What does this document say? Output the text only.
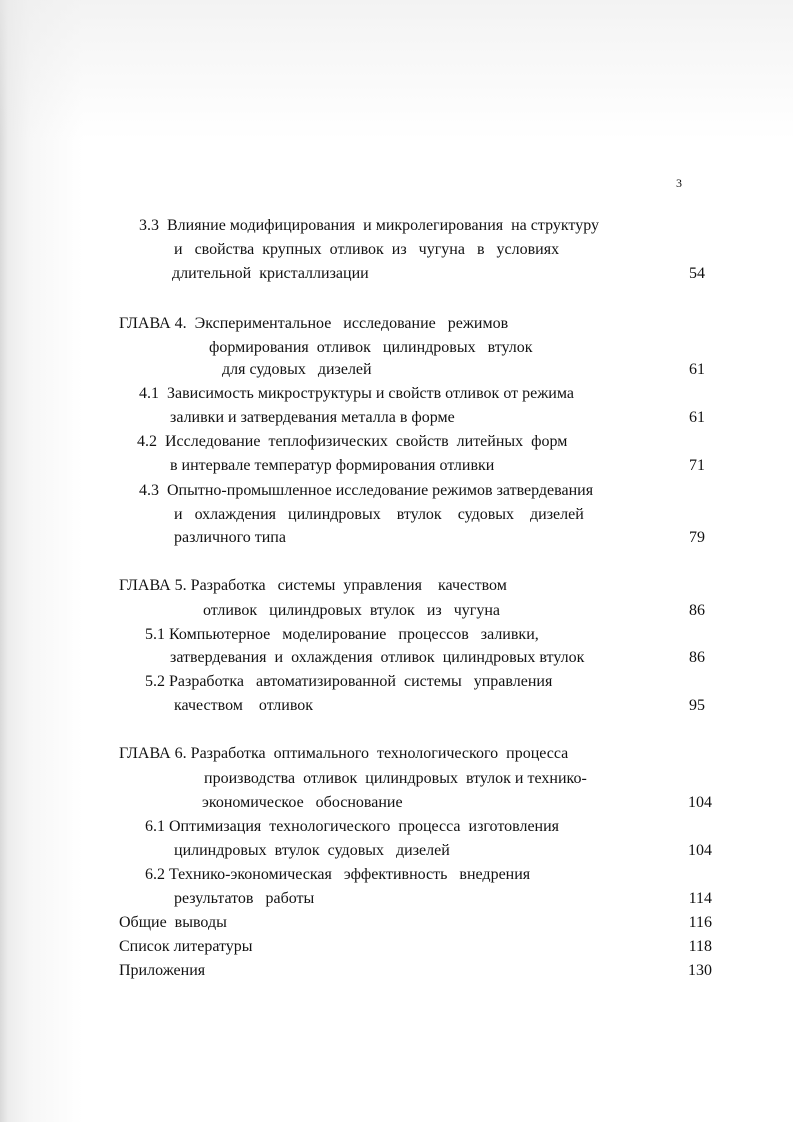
3
3.3  Влияние модифицирования  и микролегирования  на структуру
и   свойства  крупных  отливок  из   чугуна   в   условиях
длительной  кристаллизации	54
ГЛАВА 4.  Экспериментальное   исследование   режимов
формирования  отливок   цилиндровых   втулок
для судовых   дизелей	61
4.1  Зависимость микроструктуры и свойств отливок от режима
заливки и затвердевания металла в форме	61
4.2  Исследование  теплофизических  свойств  литейных  форм
в интервале температур формирования отливки	71
4.3  Опытно-промышленное исследование режимов затвердевания
и   охлаждения   цилиндровых    втулок    судовых    дизелей
различного типа	79
ГЛАВА 5. Разработка   системы  управления    качеством
отливок   цилиндровых  втулок   из   чугуна	86
5.1 Компьютерное   моделирование   процессов   заливки,
затвердевания  и  охлаждения  отливок  цилиндровых втулок	86
5.2 Разработка   автоматизированной  системы   управления
качеством    отливок	95
ГЛАВА 6. Разработка  оптимального  технологического  процесса
производства  отливок  цилиндровых  втулок и технико-
экономическое   обоснование	104
6.1 Оптимизация  технологического  процесса  изготовления
цилиндровых  втулок  судовых   дизелей	104
6.2 Технико-экономическая   эффективность   внедрения
результатов   работы	114
Общие  выводы	116
Список литературы	118
Приложения	130
